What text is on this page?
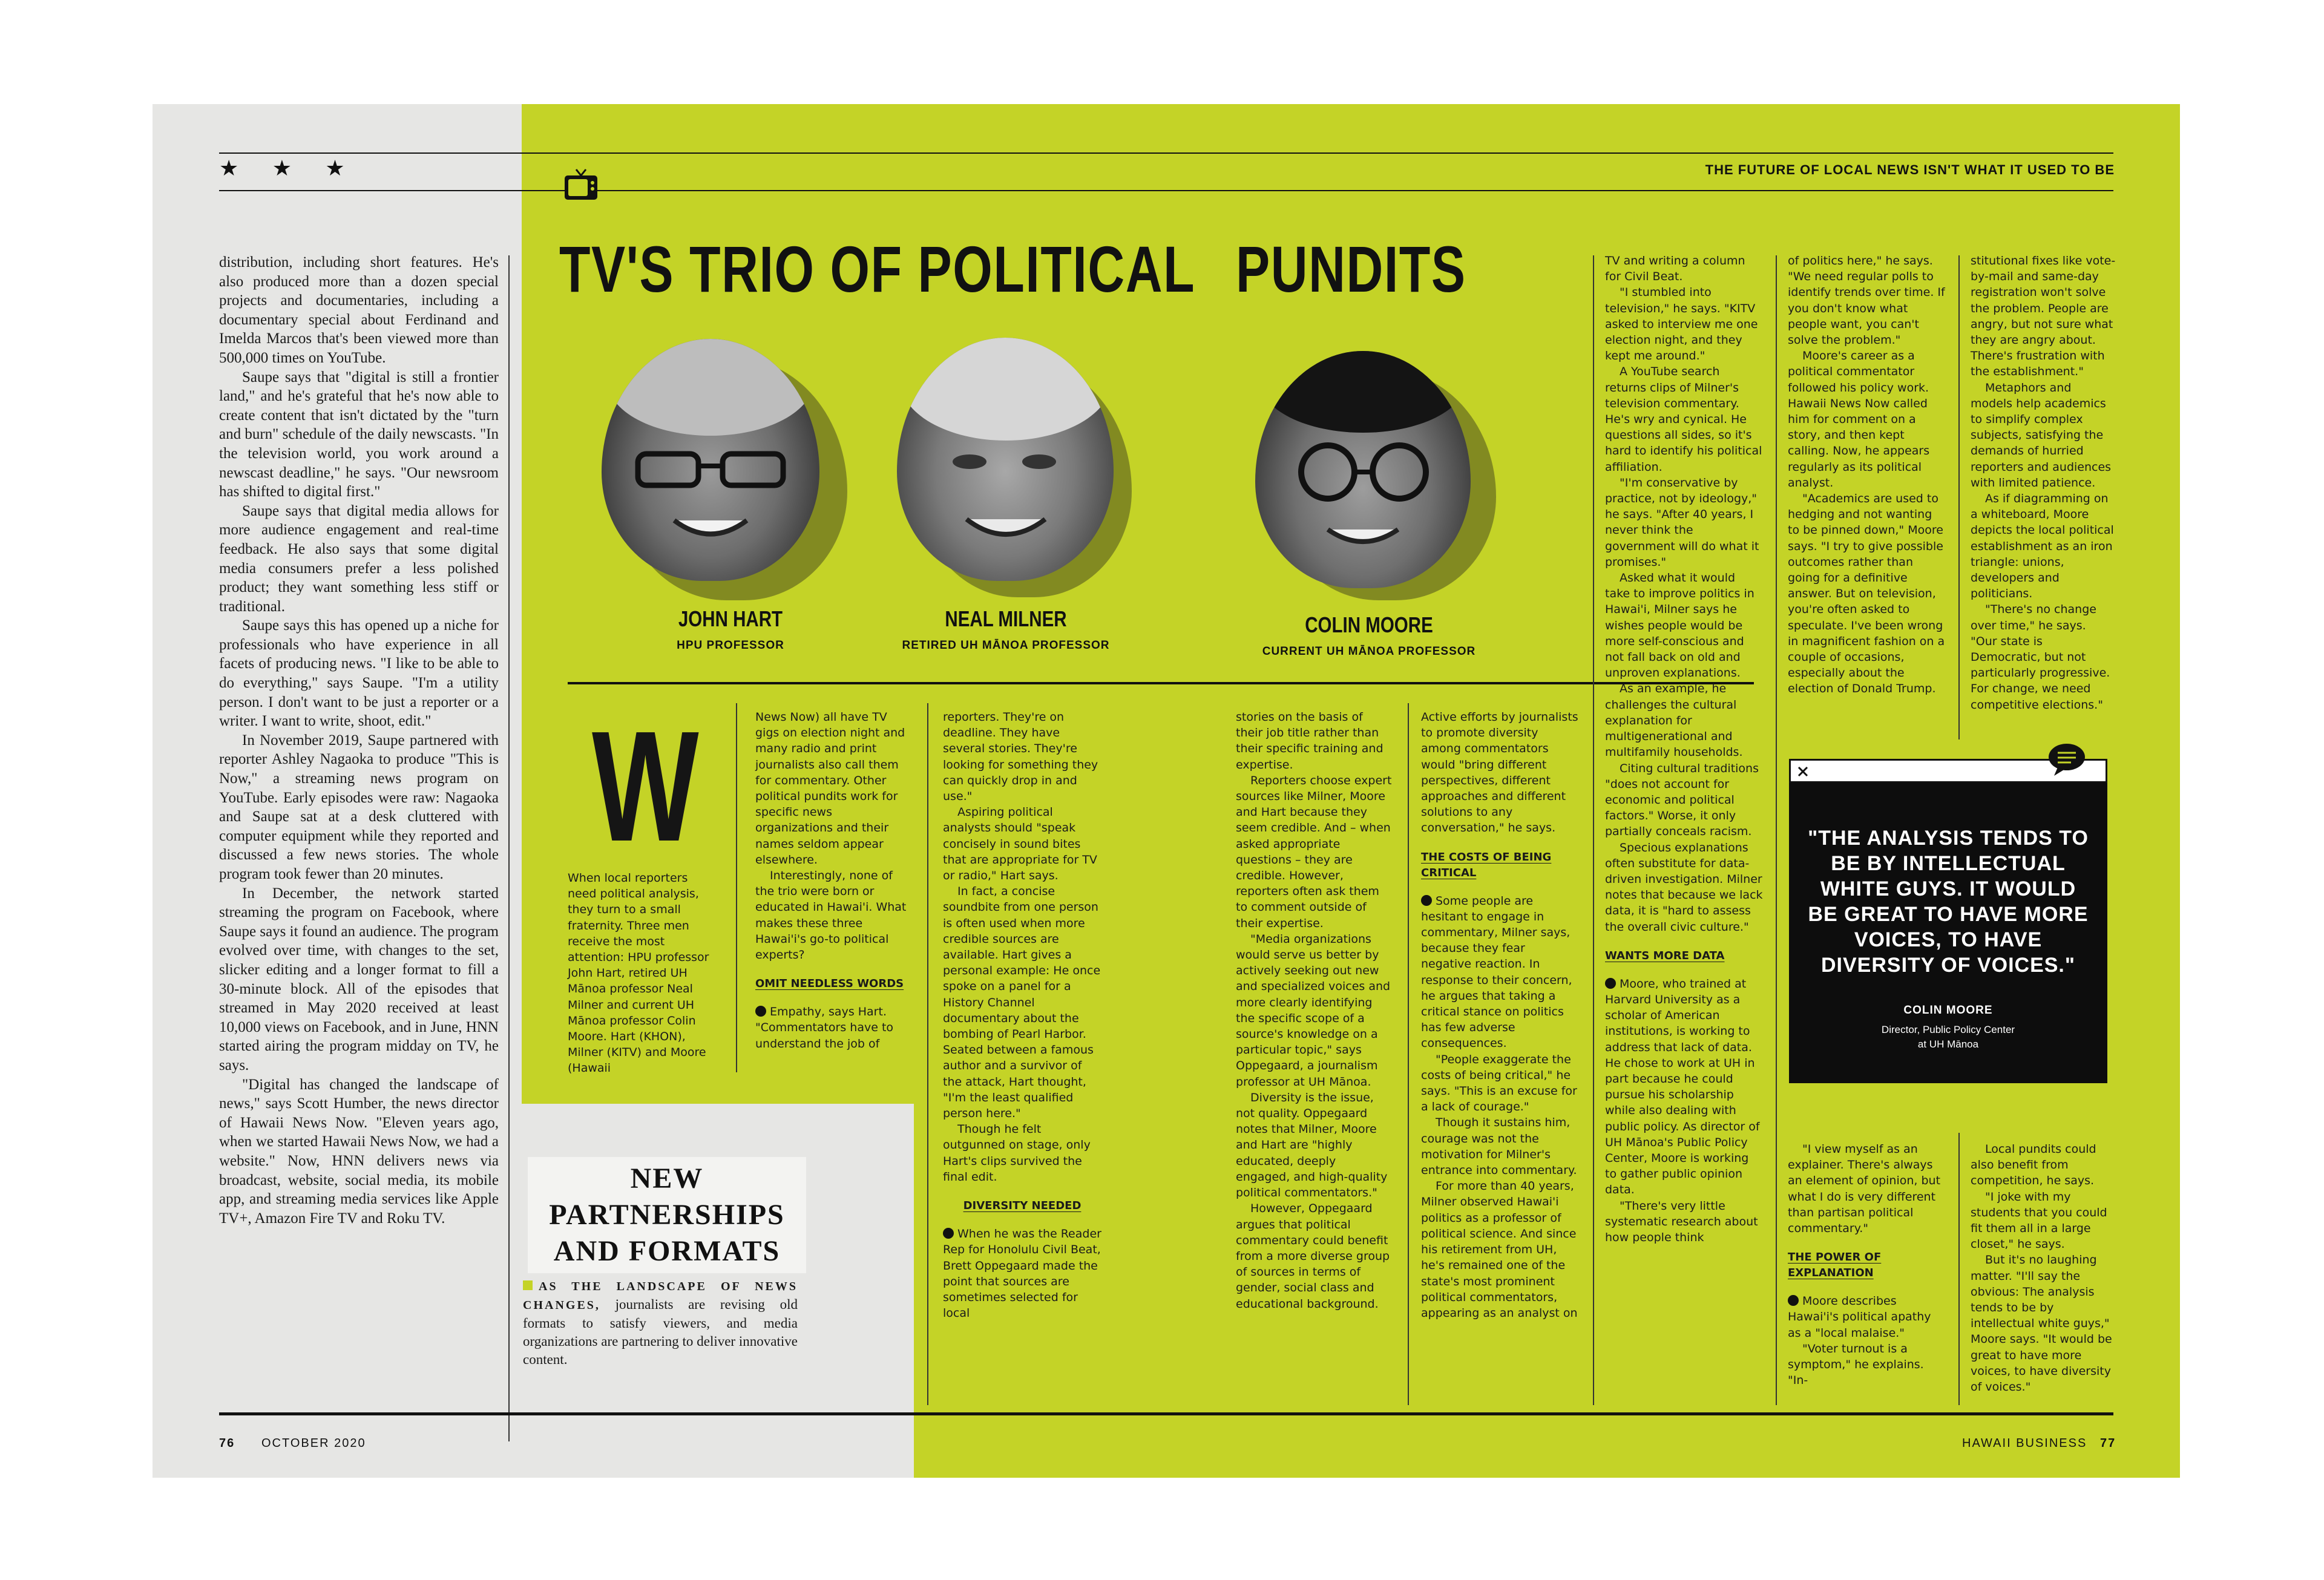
★ ★ ★	THE FUTURE OF LOCAL NEWS ISN'T WHAT IT USED TO BE
TV'S TRIO OF POLITICAL PUNDITS
JOHN HART
HPU PROFESSOR
NEAL MILNER
RETIRED UH MĀNOA PROFESSOR
COLIN MOORE
CURRENT UH MĀNOA PROFESSOR

distribution, including short features. He's also produced more than a dozen special projects and documentaries, including a documentary special about Ferdinand and Imelda Marcos that's been viewed more than 500,000 times on YouTube.

Saupe says that "digital is still a frontier land," and he's grateful that he's now able to create content that isn't dictated by the "turn and burn" schedule of the daily newscasts. "In the television world, you work around a newscast deadline," he says. "Our newsroom has shifted to digital first."

Saupe says that digital media allows for more audience engagement and real-time feedback. He also says that some digital media consumers prefer a less polished product; they want something less stiff or traditional.

Saupe says this has opened up a niche for professionals who have experience in all facets of producing news. "I like to be able to do everything," says Saupe. "I'm a utility person. I don't want to be just a reporter or a writer. I want to write, shoot, edit."

In November 2019, Saupe partnered with reporter Ashley Nagaoka to produce "This is Now," a streaming news program on YouTube. Early episodes were raw: Nagaoka and Saupe sat at a desk cluttered with computer equipment while they reported and discussed a few news stories. The whole program took fewer than 20 minutes.

In December, the network started streaming the program on Facebook, where Saupe says it found an audience. The program evolved over time, with changes to the set, slicker editing and a longer format to fill a 30-minute block. All of the episodes that streamed in May 2020 received at least 10,000 views on Facebook, and in June, HNN started airing the program midday on TV, he says.

"Digital has changed the landscape of news," says Scott Humber, the news director of Hawaii News Now. "Eleven years ago, when we started Hawaii News Now, we had a website." Now, HNN delivers news via broadcast, website, social media, its mobile app, and streaming media services like Apple TV+, Amazon Fire TV and Roku TV.

NEW PARTNERSHIPS AND FORMATS

AS THE LANDSCAPE OF NEWS CHANGES, journalists are revising old formats to satisfy viewers, and media organizations are partnering to deliver innovative content.

W

When local reporters need political analysis, they turn to a small fraternity. Three men receive the most attention: HPU professor John Hart, retired UH Mānoa professor Neal Milner and current UH Mānoa professor Colin Moore. Hart (KHON), Milner (KITV) and Moore (Hawaii

News Now) all have TV gigs on election night and many radio and print journalists also call them for commentary. Other political pundits work for specific news organizations and their names seldom appear elsewhere.

Interestingly, none of the trio were born or educated in Hawai'i. What makes these three Hawai'i's go-to political experts?

OMIT NEEDLESS WORDS

Empathy, says Hart. "Commentators have to understand the job of

reporters. They're on deadline. They have several stories. They're looking for something they can quickly drop in and use."

Aspiring political analysts should "speak concisely in sound bites that are appropriate for TV or radio," Hart says.

In fact, a concise soundbite from one person is often used when more credible sources are available. Hart gives a personal example: He once spoke on a panel for a History Channel documentary about the bombing of Pearl Harbor. Seated between a famous author and a survivor of the attack, Hart thought, "I'm the least qualified person here."

Though he felt outgunned on stage, only Hart's clips survived the final edit.

DIVERSITY NEEDED

When he was the Reader Rep for Honolulu Civil Beat, Brett Oppegaard made the point that sources are sometimes selected for local

stories on the basis of their job title rather than their specific training and expertise.

Reporters choose expert sources like Milner, Moore and Hart because they seem credible. And – when asked appropriate questions – they are credible. However, reporters often ask them to comment outside of their expertise.

"Media organizations would serve us better by actively seeking out new and specialized voices and more clearly identifying the specific scope of a source's knowledge on a particular topic," says Oppegaard, a journalism professor at UH Mānoa.

Diversity is the issue, not quality. Oppegaard notes that Milner, Moore and Hart are "highly educated, deeply engaged, and high-quality political commentators."

However, Oppegaard argues that political commentary could benefit from a more diverse group of sources in terms of gender, social class and educational background.

Active efforts by journalists to promote diversity among commentators would "bring different perspectives, different approaches and different solutions to any conversation," he says.

THE COSTS OF BEING CRITICAL

Some people are hesitant to engage in commentary, Milner says, because they fear negative reaction. In response to their concern, he argues that taking a critical stance on politics has few adverse consequences.

"People exaggerate the costs of being critical," he says. "This is an excuse for a lack of courage."

Though it sustains him, courage was not the motivation for Milner's entrance into commentary.

For more than 40 years, Milner observed Hawai'i politics as a professor of political science. And since his retirement from UH, he's remained one of the state's most prominent political commentators, appearing as an analyst on

TV and writing a column for Civil Beat.

"I stumbled into television," he says. "KITV asked to interview me one election night, and they kept me around."

A YouTube search returns clips of Milner's television commentary. He's wry and cynical. He questions all sides, so it's hard to identify his political affiliation.

"I'm conservative by practice, not by ideology," he says. "After 40 years, I never think the government will do what it promises."

Asked what it would take to improve politics in Hawai'i, Milner says he wishes people would be more self-conscious and not fall back on old and unproven explanations.

As an example, he challenges the cultural explanation for multigenerational and multifamily households.

Citing cultural traditions "does not account for economic and political factors." Worse, it only partially conceals racism.

Specious explanations often substitute for data-driven investigation. Milner notes that because we lack data, it is "hard to assess the overall civic culture."

WANTS MORE DATA

Moore, who trained at Harvard University as a scholar of American institutions, is working to address that lack of data. He chose to work at UH in part because he could pursue his scholarship while also dealing with public policy. As director of UH Mānoa's Public Policy Center, Moore is working to gather public opinion data.

"There's very little systematic research about how people think

of politics here," he says. "We need regular polls to identify trends over time. If you don't know what people want, you can't solve the problem."

Moore's career as a political commentator followed his policy work. Hawaii News Now called him for comment on a story, and then kept calling. Now, he appears regularly as its political analyst.

"Academics are used to hedging and not wanting to be pinned down," Moore says. "I try to give possible outcomes rather than going for a definitive answer. But on television, you're often asked to speculate. I've been wrong in magnificent fashion on a couple of occasions, especially about the election of Donald Trump.

"I view myself as an explainer. There's always an element of opinion, but what I do is very different than partisan political commentary."

THE POWER OF EXPLANATION

Moore describes Hawai'i's political apathy as a "local malaise."

"Voter turnout is a symptom," he explains. "In-

stitutional fixes like vote-by-mail and same-day registration won't solve the problem. People are angry, but not sure what they are angry about. There's frustration with the establishment."

Metaphors and models help academics to simplify complex subjects, satisfying the demands of hurried reporters and audiences with limited patience.

As if diagramming on a whiteboard, Moore depicts the local political establishment as an iron triangle: unions, developers and politicians.

"There's no change over time," he says. "Our state is Democratic, but not particularly progressive. For change, we need competitive elections."

Local pundits could also benefit from competition, he says.

"I joke with my students that you could fit them all in a large closet," he says.

But it's no laughing matter. "I'll say the obvious: The analysis tends to be by intellectual white guys," Moore says. "It would be great to have more voices, to have diversity of voices."

"THE ANALYSIS TENDS TO BE BY INTELLECTUAL WHITE GUYS. IT WOULD BE GREAT TO HAVE MORE VOICES, TO HAVE DIVERSITY OF VOICES."
COLIN MOORE
Director, Public Policy Center
at UH Mānoa
76 OCTOBER 2020	HAWAII BUSINESS 77
